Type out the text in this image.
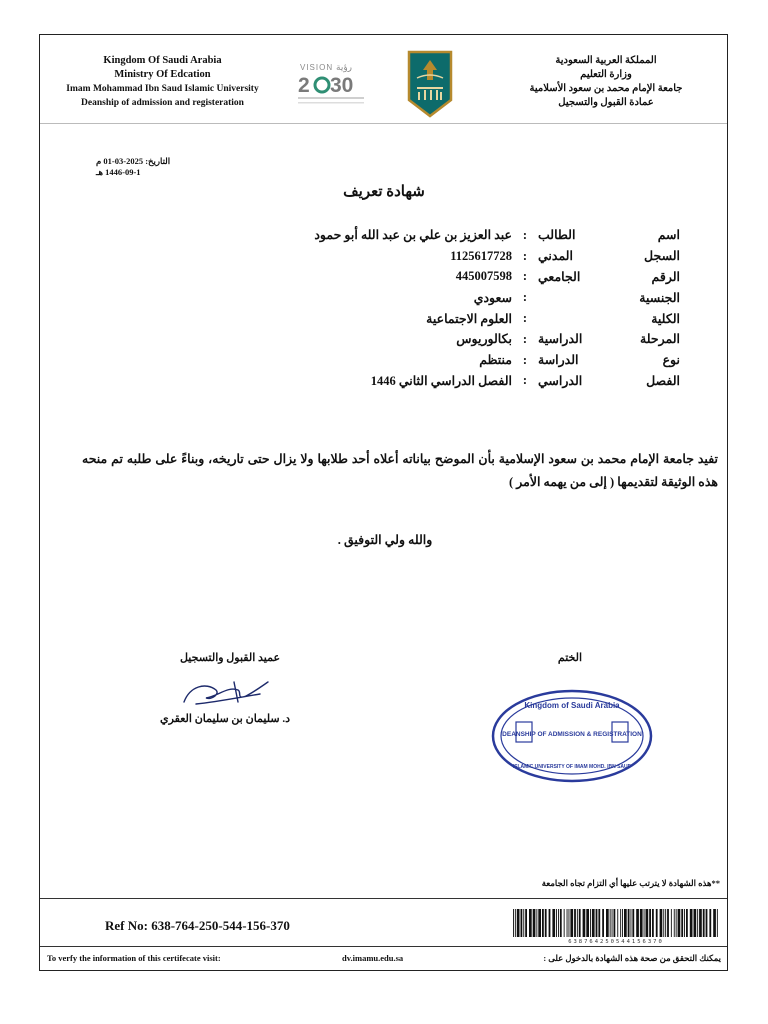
Kingdom Of Saudi Arabia
Ministry Of Edcation
Imam Mohammad Ibn Saud Islamic University
Deanship of admission and registeration
VISION رؤية
2 30
المملكة العربية السعودية
وزارة التعليم
جامعة الإمام محمد بن سعود الأسلامية
عمادة القبول والتسجيل
التاريخ: 2025-03-01 م
1446-09-1 هـ
شهادة تعريف
اسم الطالب
:
عبد العزيز بن علي بن عبد الله أبو حمود
السجل المدني
:
1125617728
الرقم الجامعي
:
445007598
الجنسية
:
سعودي
الكلية
:
العلوم الاجتماعية
المرحلة الدراسية
:
بكالوريوس
نوع الدراسة
:
منتظم
الفصل الدراسي
:
الفصل الدراسي الثاني 1446
تفيد جامعة الإمام محمد بن سعود الإسلامية بأن الموضح بياناته أعلاه أحد طلابها ولا يزال حتى تاريخه، وبناءً على طلبه تم منحه هذه الوثيقة لتقديمها ( إلى من يهمه الأمر )
والله ولي التوفيق .
عميد القبول والتسجيل	الختم
د. سليمان بن سليمان العقري
Kingdom of Saudi Arabia
DEANSHIP OF ADMISSION & REGISTRATION
ISLAMIC UNIVERSITY OF IMAM MOHD. IBN SAUD
**هذه الشهادة لا يترتب عليها أي التزام تجاه الجامعة
Ref No: 638-764-250-544-156-370
638764250544156370
To verfy the information of this certifecate visit:	dv.imamu.edu.sa	يمكنك التحقق من صحة هذه الشهادة بالدخول على :
